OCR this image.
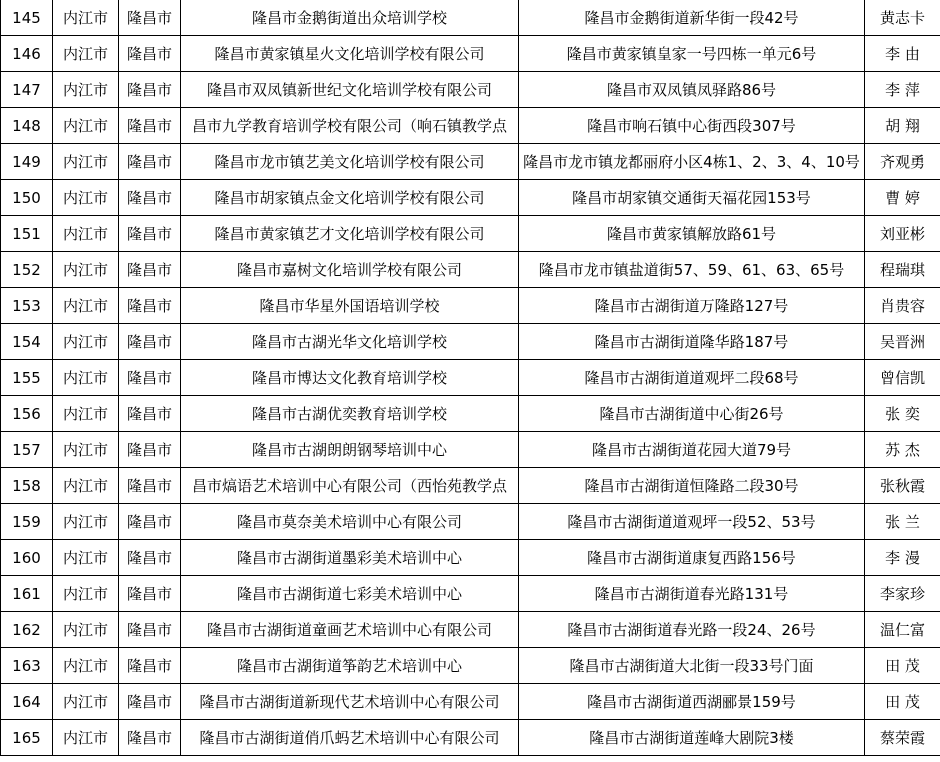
145	内江市	隆昌市	隆昌市金鹅街道出众培训学校	隆昌市金鹅街道新华街一段42号	黄志卡
146	内江市	隆昌市	隆昌市黄家镇星火文化培训学校有限公司	隆昌市黄家镇皇家一号四栋一单元6号	李 由
147	内江市	隆昌市	隆昌市双凤镇新世纪文化培训学校有限公司	隆昌市双凤镇凤驿路86号	李 萍
148	内江市	隆昌市	昌市九学教育培训学校有限公司（响石镇教学点	隆昌市响石镇中心街西段307号	胡 翔
149	内江市	隆昌市	隆昌市龙市镇艺美文化培训学校有限公司	隆昌市龙市镇龙都丽府小区4栋1、2、3、4、10号	齐观勇
150	内江市	隆昌市	隆昌市胡家镇点金文化培训学校有限公司	隆昌市胡家镇交通街天福花园153号	曹 婷
151	内江市	隆昌市	隆昌市黄家镇艺才文化培训学校有限公司	隆昌市黄家镇解放路61号	刘亚彬
152	内江市	隆昌市	隆昌市嘉树文化培训学校有限公司	隆昌市龙市镇盐道街57、59、61、63、65号	程瑞琪
153	内江市	隆昌市	隆昌市华星外国语培训学校	隆昌市古湖街道万隆路127号	肖贵容
154	内江市	隆昌市	隆昌市古湖光华文化培训学校	隆昌市古湖街道隆华路187号	吴晋洲
155	内江市	隆昌市	隆昌市博达文化教育培训学校	隆昌市古湖街道道观坪二段68号	曾信凯
156	内江市	隆昌市	隆昌市古湖优奕教育培训学校	隆昌市古湖街道中心街26号	张 奕
157	内江市	隆昌市	隆昌市古湖朗朗钢琴培训中心	隆昌市古湖街道花园大道79号	苏 杰
158	内江市	隆昌市	昌市熇语艺术培训中心有限公司（西怡苑教学点	隆昌市古湖街道恒隆路二段30号	张秋霞
159	内江市	隆昌市	隆昌市莫奈美术培训中心有限公司	隆昌市古湖街道道观坪一段52、53号	张 兰
160	内江市	隆昌市	隆昌市古湖街道墨彩美术培训中心	隆昌市古湖街道康复西路156号	李 漫
161	内江市	隆昌市	隆昌市古湖街道七彩美术培训中心	隆昌市古湖街道春光路131号	李家珍
162	内江市	隆昌市	隆昌市古湖街道童画艺术培训中心有限公司	隆昌市古湖街道春光路一段24、26号	温仁富
163	内江市	隆昌市	隆昌市古湖街道筝韵艺术培训中心	隆昌市古湖街道大北街一段33号门面	田 茂
164	内江市	隆昌市	隆昌市古湖街道新现代艺术培训中心有限公司	隆昌市古湖街道西湖郦景159号	田 茂
165	内江市	隆昌市	隆昌市古湖街道俏爪蚂艺术培训中心有限公司	隆昌市古湖街道莲峰大剧院3楼	蔡荣霞
